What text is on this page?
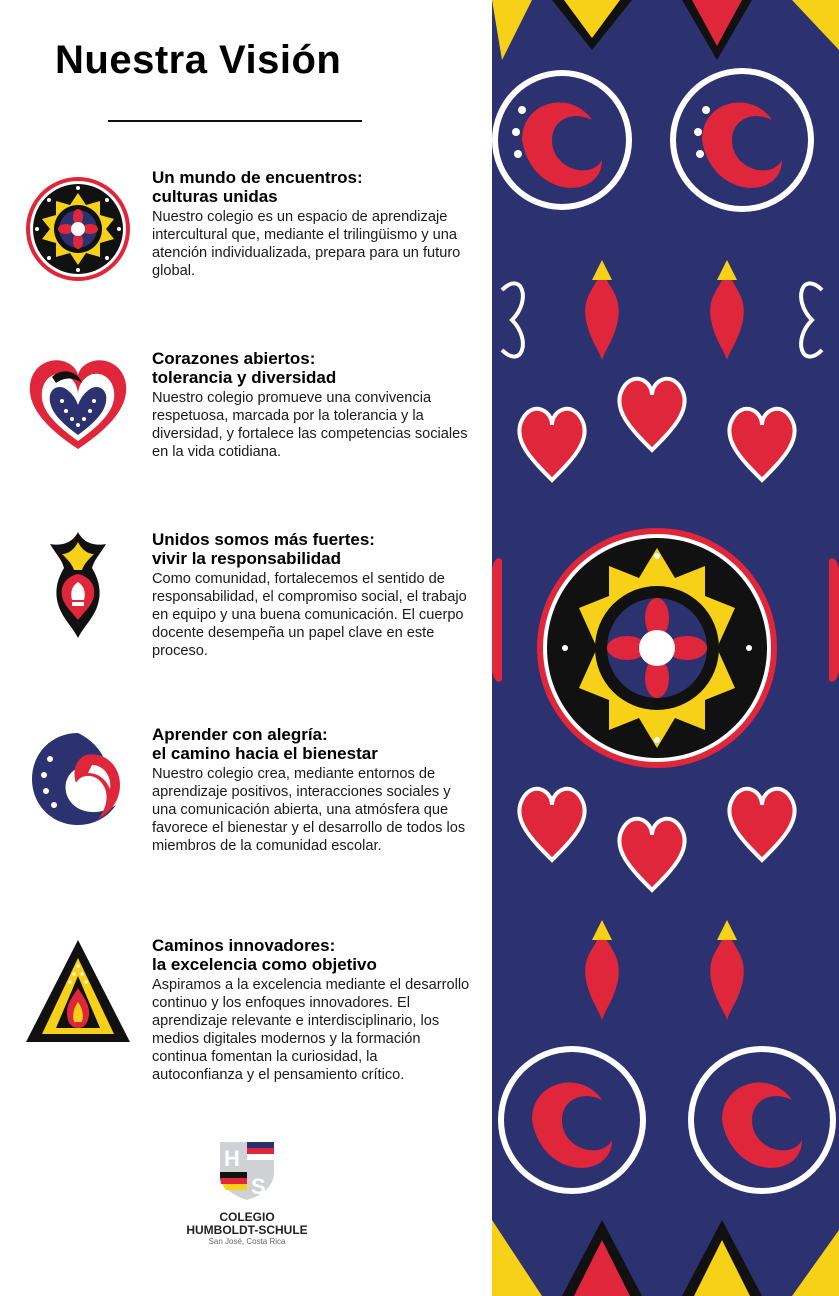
Nuestra Visión
Un mundo de encuentros:
culturas unidas

Nuestro colegio es un espacio de aprendizaje intercultural que, mediante el trilingüismo y una atención individualizada, prepara para un futuro global.

Corazones abiertos:
tolerancia y diversidad

Nuestro colegio promueve una convivencia respetuosa, marcada por la tolerancia y la diversidad, y fortalece las competencias sociales en la vida cotidiana.

Unidos somos más fuertes:
vivir la responsabilidad

Como comunidad, fortalecemos el sentido de responsabilidad, el compromiso social, el trabajo en equipo y una buena comunicación. El cuerpo docente desempeña un papel clave en este proceso.

Aprender con alegría:
el camino hacia el bienestar

Nuestro colegio crea, mediante entornos de aprendizaje positivos, interacciones sociales y una comunicación abierta, una atmósfera que favorece el bienestar y el desarrollo de todos los miembros de la comunidad escolar.

Caminos innovadores:
la excelencia como objetivo

Aspiramos a la excelencia mediante el desarrollo continuo y los enfoques innovadores. El aprendizaje relevante e interdisciplinario, los medios digitales modernos y la formación continua fomentan la curiosidad, la autoconfianza y el pensamiento crítico.

H
S
COLEGIO
HUMBOLDT-SCHULE
San José, Costa Rica
